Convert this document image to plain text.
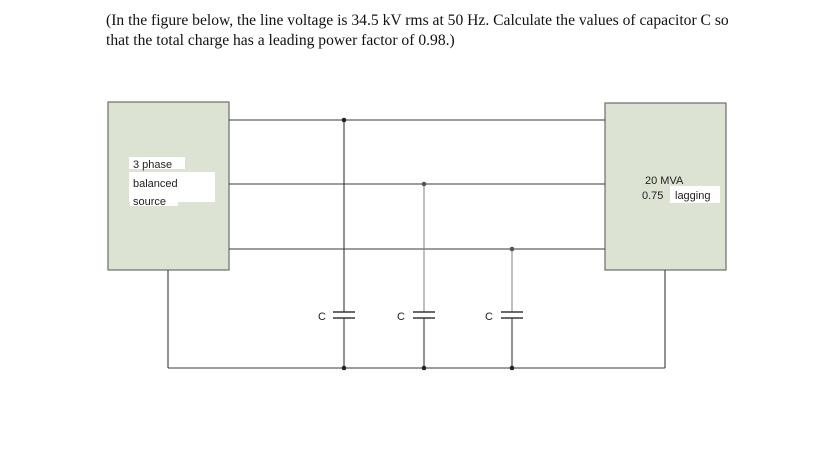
(In the figure below, the line voltage is 34.5 kV rms at 50 Hz. Calculate the values of capacitor C so
that the total charge has a leading power factor of 0.98.)
3 phase
balanced
source
20 MVA
0.75 lagging
C	C	C
